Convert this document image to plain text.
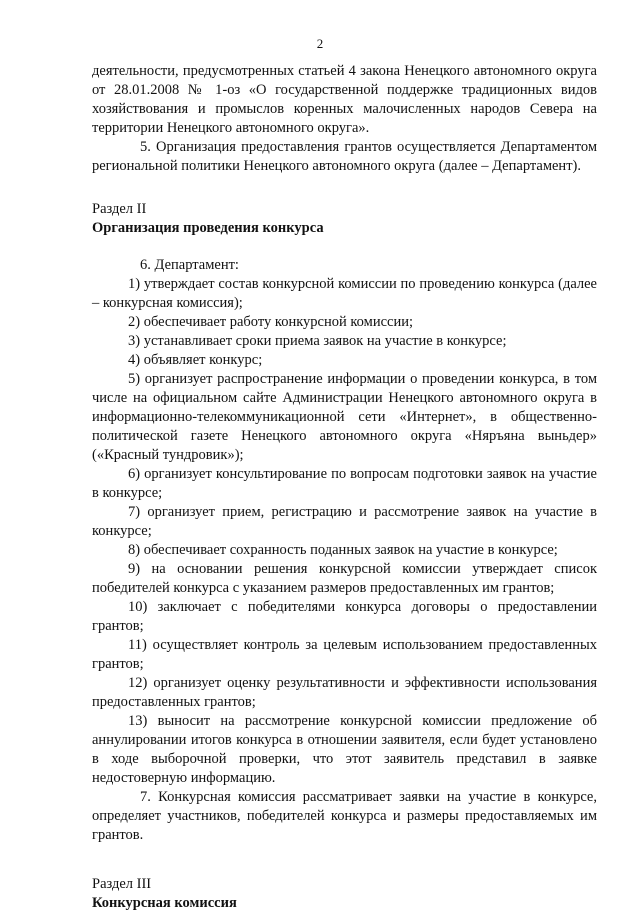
2

деятельности, предусмотренных статьей 4 закона Ненецкого автономного округа от 28.01.2008 № 1-оз «О государственной поддержке традиционных видов хозяйствования и промыслов коренных малочисленных народов Севера на территории Ненецкого автономного округа».

5. Организация предоставления грантов осуществляется Департаментом региональной политики Ненецкого автономного округа (далее – Департамент).

Раздел II

Организация проведения конкурса

6. Департамент:

1) утверждает состав конкурсной комиссии по проведению конкурса (далее – конкурсная комиссия);

2) обеспечивает работу конкурсной комиссии;

3) устанавливает сроки приема заявок на участие в конкурсе;

4) объявляет конкурс;

5) организует распространение информации о проведении конкурса, в том числе на официальном сайте Администрации Ненецкого автономного округа в информационно-телекоммуникационной сети «Интернет», в общественно-политической газете Ненецкого автономного округа «Няръяна выньдер» («Красный тундровик»);

6) организует консультирование по вопросам подготовки заявок на участие в конкурсе;

7) организует прием, регистрацию и рассмотрение заявок на участие в конкурсе;

8) обеспечивает сохранность поданных заявок на участие в конкурсе;

9) на основании решения конкурсной комиссии утверждает список победителей конкурса с указанием размеров предоставленных им грантов;

10) заключает с победителями конкурса договоры о предоставлении грантов;

11) осуществляет контроль за целевым использованием предоставленных грантов;

12) организует оценку результативности и эффективности использования предоставленных грантов;

13) выносит на рассмотрение конкурсной комиссии предложение об аннулировании итогов конкурса в отношении заявителя, если будет установлено в ходе выборочной проверки, что этот заявитель представил в заявке недостоверную информацию.

7. Конкурсная комиссия рассматривает заявки на участие в конкурсе, определяет участников, победителей конкурса и размеры предоставляемых им грантов.

Раздел III

Конкурсная комиссия
